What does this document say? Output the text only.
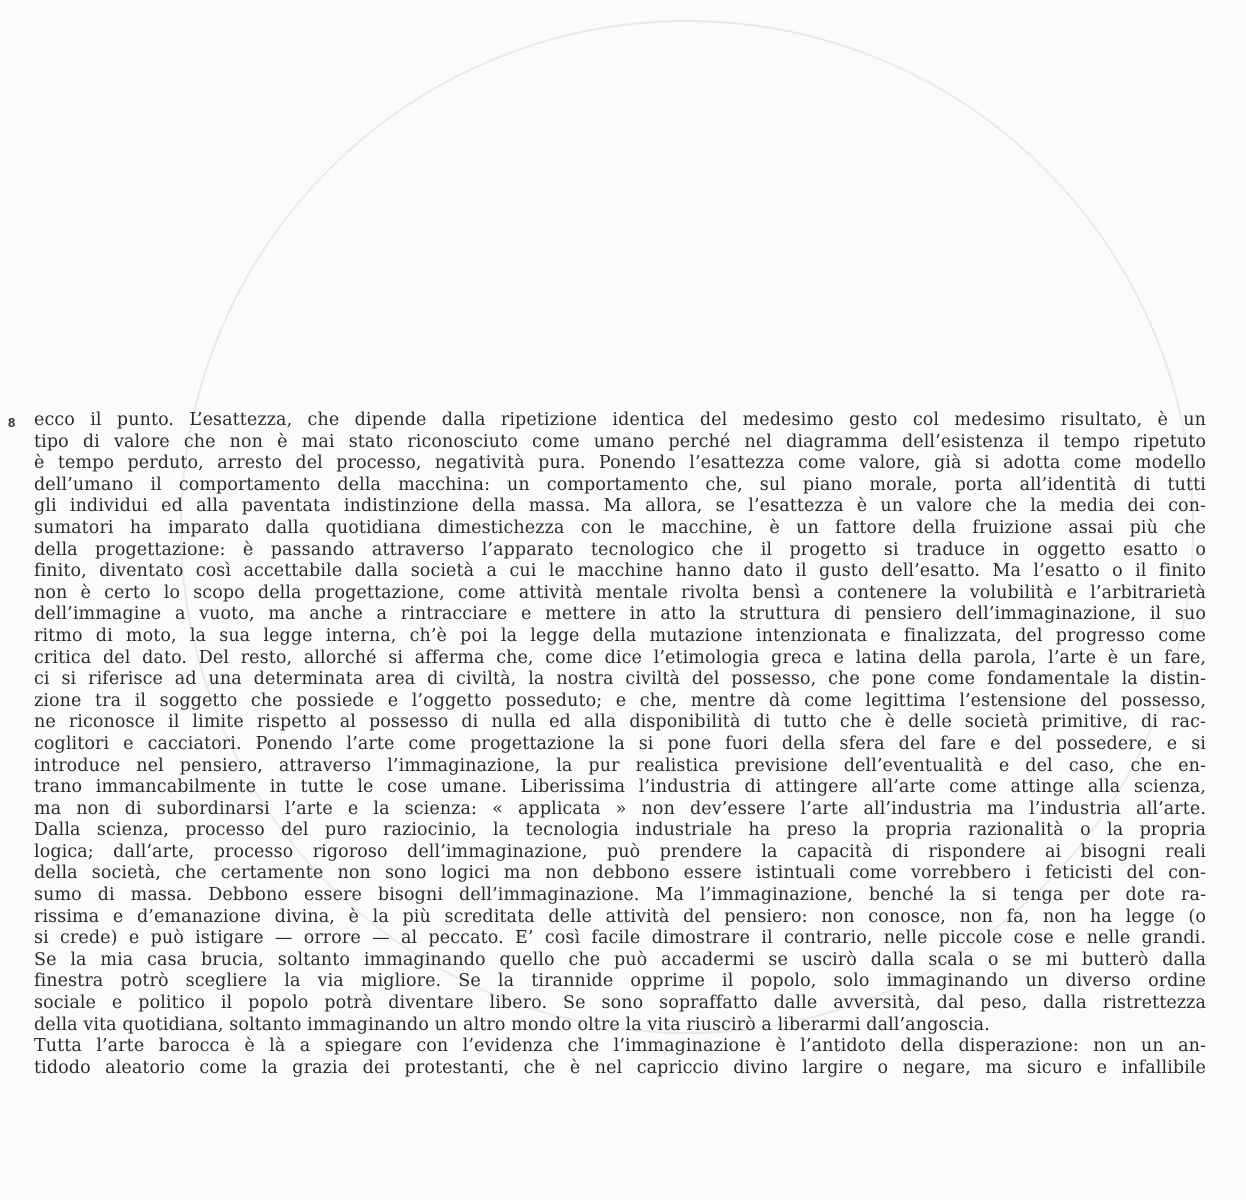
8 ecco il punto. L’esattezza, che dipende dalla ripetizione identica del medesimo gesto col medesimo risultato, è un
tipo di valore che non è mai stato riconosciuto come umano perché nel diagramma dell’esistenza il tempo ripetuto
è tempo perduto, arresto del processo, negatività pura. Ponendo l’esattezza come valore, già si adotta come modello
dell’umano il comportamento della macchina: un comportamento che, sul piano morale, porta all’identità di tutti
gli individui ed alla paventata indistinzione della massa. Ma allora, se l’esattezza è un valore che la media dei con-
sumatori ha imparato dalla quotidiana dimestichezza con le macchine, è un fattore della fruizione assai più che
della progettazione: è passando attraverso l’apparato tecnologico che il progetto si traduce in oggetto esatto o
finito, diventato così accettabile dalla società a cui le macchine hanno dato il gusto dell’esatto. Ma l’esatto o il finito
non è certo lo scopo della progettazione, come attività mentale rivolta bensì a contenere la volubilità e l’arbitrarietà
dell’immagine a vuoto, ma anche a rintracciare e mettere in atto la struttura di pensiero dell’immaginazione, il suo
ritmo di moto, la sua legge interna, ch’è poi la legge della mutazione intenzionata e finalizzata, del progresso come
critica del dato. Del resto, allorché si afferma che, come dice l’etimologia greca e latina della parola, l’arte è un fare,
ci si riferisce ad una determinata area di civiltà, la nostra civiltà del possesso, che pone come fondamentale la distin-
zione tra il soggetto che possiede e l’oggetto posseduto; e che, mentre dà come legittima l’estensione del possesso,
ne riconosce il limite rispetto al possesso di nulla ed alla disponibilità di tutto che è delle società primitive, di rac-
coglitori e cacciatori. Ponendo l’arte come progettazione la si pone fuori della sfera del fare e del possedere, e si
introduce nel pensiero, attraverso l’immaginazione, la pur realistica previsione dell’eventualità e del caso, che en-
trano immancabilmente in tutte le cose umane. Liberissima l’industria di attingere all’arte come attinge alla scienza,
ma non di subordinarsi l’arte e la scienza: « applicata » non dev’essere l’arte all’industria ma l’industria all’arte.
Dalla scienza, processo del puro raziocinio, la tecnologia industriale ha preso la propria razionalità o la propria
logica; dall’arte, processo rigoroso dell’immaginazione, può prendere la capacità di rispondere ai bisogni reali
della società, che certamente non sono logici ma non debbono essere istintuali come vorrebbero i feticisti del con-
sumo di massa. Debbono essere bisogni dell’immaginazione. Ma l’immaginazione, benché la si tenga per dote ra-
rissima e d’emanazione divina, è la più screditata delle attività del pensiero: non conosce, non fa, non ha legge (o
si crede) e può istigare — orrore — al peccato. E’ così facile dimostrare il contrario, nelle piccole cose e nelle grandi.
Se la mia casa brucia, soltanto immaginando quello che può accadermi se uscirò dalla scala o se mi butterò dalla
finestra potrò scegliere la via migliore. Se la tirannide opprime il popolo, solo immaginando un diverso ordine
sociale e politico il popolo potrà diventare libero. Se sono sopraffatto dalle avversità, dal peso, dalla ristrettezza
della vita quotidiana, soltanto immaginando un altro mondo oltre la vita riuscirò a liberarmi dall’angoscia.
Tutta l’arte barocca è là a spiegare con l’evidenza che l’immaginazione è l’antidoto della disperazione: non un an-
tidodo aleatorio come la grazia dei protestanti, che è nel capriccio divino largire o negare, ma sicuro e infallibile
